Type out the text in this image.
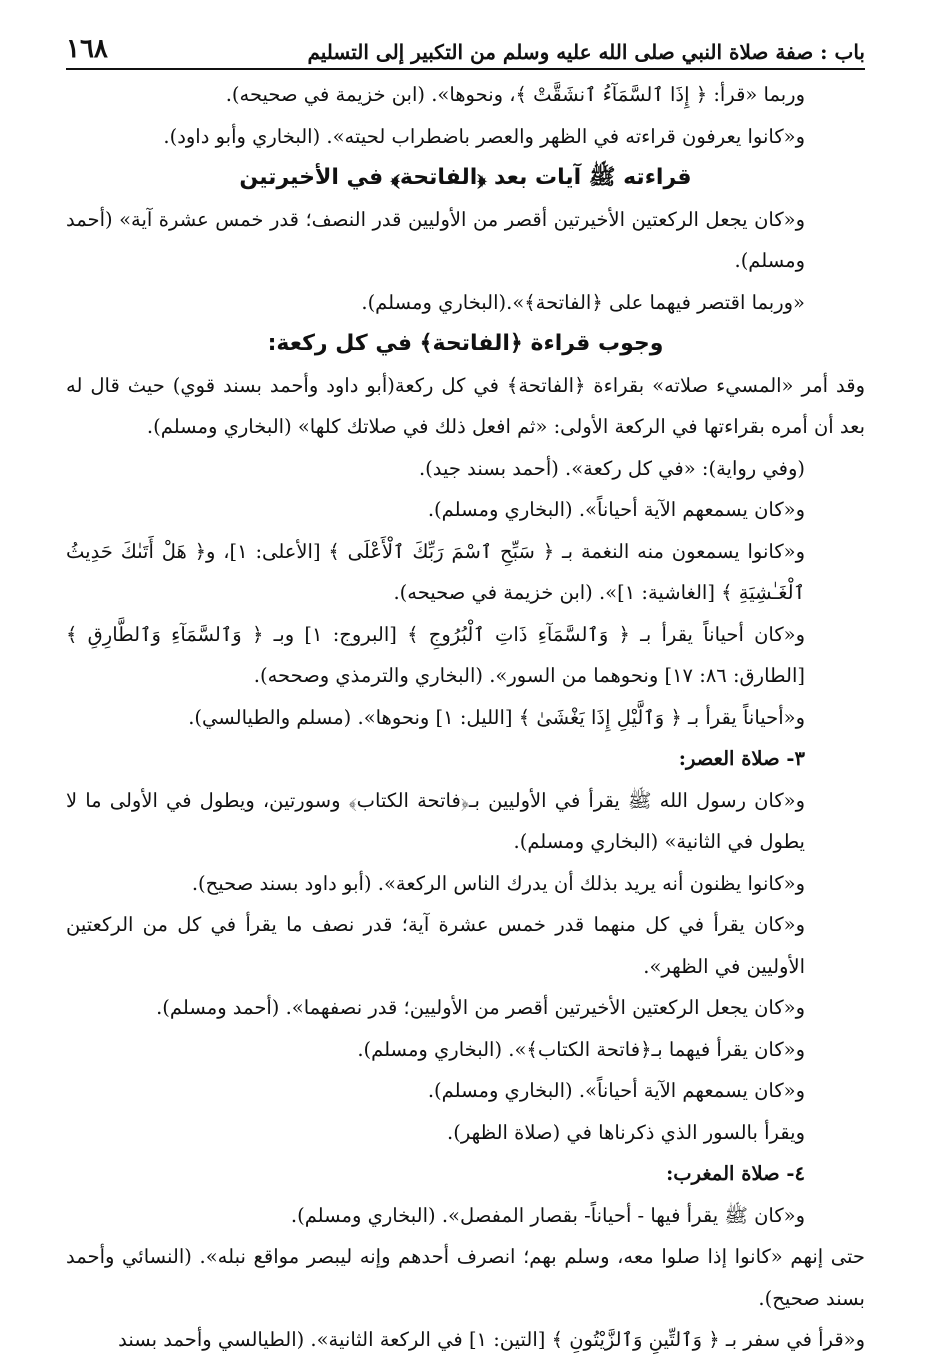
١٦٨	باب : صفة صلاة النبي صلى الله عليه وسلم من التكبير إلى التسليم

وربما «قرأ: ﴿ إِذَا ٱلسَّمَآءُ ٱنشَقَّتْ ﴾، ونحوها». (ابن خزيمة في صحيحه).

و«كانوا يعرفون قراءته في الظهر والعصر باضطراب لحيته». (البخاري وأبو داود).

قراءته ﷺ آيات بعد ﴿الفاتحة﴾ في الأخيرتين

و«كان يجعل الركعتين الأخيرتين أقصر من الأوليين قدر النصف؛ قدر خمس عشرة آية» (أحمد ومسلم).

«وربما اقتصر فيهما على ﴿الفاتحة﴾».(البخاري ومسلم).

وجوب قراءة ﴿الفاتحة﴾ في كل ركعة:

وقد أمر «المسيء صلاته» بقراءة ﴿الفاتحة﴾ في كل ركعة(أبو داود وأحمد بسند قوي) حيث قال له بعد أن أمره بقراءتها في الركعة الأولى: «ثم افعل ذلك في صلاتك كلها» (البخاري ومسلم).

(وفي رواية): «في كل ركعة». (أحمد بسند جيد).

و«كان يسمعهم الآية أحياناً». (البخاري ومسلم).

و«كانوا يسمعون منه النغمة بـ ﴿ سَبِّحِ ٱسْمَ رَبِّكَ ٱلْأَعْلَى ﴾ [الأعلى: ١]، و﴿ هَلْ أَتَىٰكَ حَدِيثُ ٱلْغَـٰشِيَةِ ﴾ [الغاشية: ١]». (ابن خزيمة في صحيحه).

و«كان أحياناً يقرأ بـ ﴿ وَٱلسَّمَآءِ ذَاتِ ٱلْبُرُوجِ ﴾ [البروج: ١] وبـ ﴿ وَٱلسَّمَآءِ وَٱلطَّارِقِ ﴾ [الطارق: ٨٦: ١٧] ونحوهما من السور». (البخاري والترمذي وصححه).

و«أحياناً يقرأ بـ ﴿ وَٱلَّيْلِ إِذَا يَغْشَىٰ ﴾ [الليل: ١] ونحوها». (مسلم والطيالسي).

٣- صلاة العصر:

و«كان رسول الله ﷺ يقرأ في الأوليين بـ﴿فاتحة الكتاب﴾ وسورتين، ويطول في الأولى ما لا يطول في الثانية» (البخاري ومسلم).

و«كانوا يظنون أنه يريد بذلك أن يدرك الناس الركعة». (أبو داود بسند صحيح).

و«كان يقرأ في كل منهما قدر خمس عشرة آية؛ قدر نصف ما يقرأ في كل من الركعتين الأوليين في الظهر».

و«كان يجعل الركعتين الأخيرتين أقصر من الأوليين؛ قدر نصفهما». (أحمد ومسلم).

و«كان يقرأ فيهما بـ﴿فاتحة الكتاب﴾». (البخاري ومسلم).

و«كان يسمعهم الآية أحياناً». (البخاري ومسلم).

ويقرأ بالسور الذي ذكرناها في (صلاة الظهر).

٤- صلاة المغرب:

و«كان ﷺ يقرأ فيها - أحياناً- بقصار المفصل». (البخاري ومسلم).

حتى إنهم «كانوا إذا صلوا معه، وسلم بهم؛ انصرف أحدهم وإنه ليبصر مواقع نبله». (النسائي وأحمد بسند صحيح).

و«قرأ في سفر بـ ﴿ وَٱلتِّينِ وَٱلزَّيْتُونِ ﴾ [التين: ١] في الركعة الثانية». (الطيالسي وأحمد بسند
